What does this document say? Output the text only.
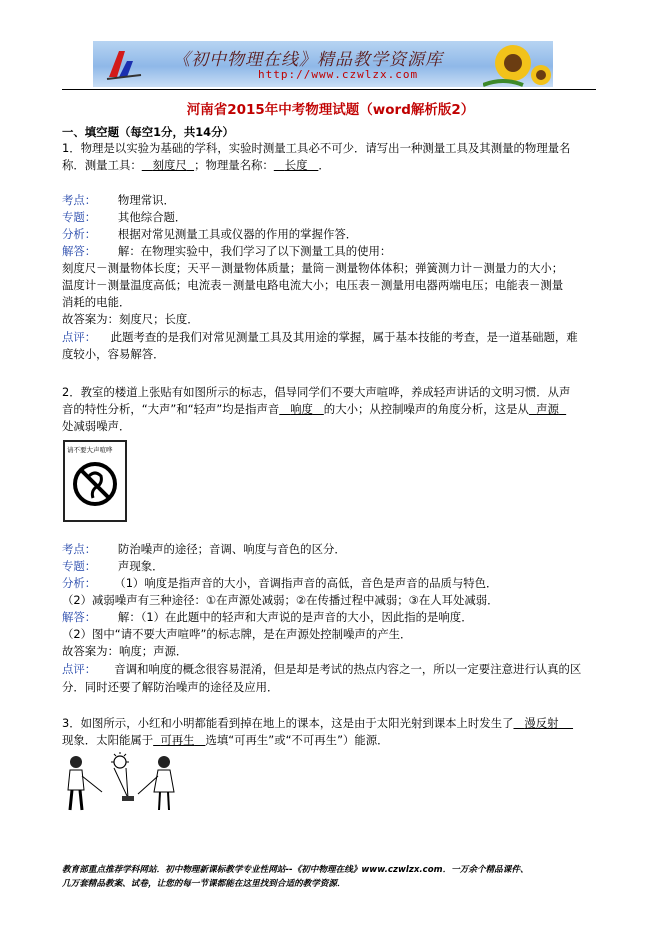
《初中物理在线》精品教学资源库
http://www.czwlzx.com
河南省2015年中考物理试题（word解析版2）
一、填空题（每空1分，共14分）
1．物理是以实验为基础的学科，实验时测量工具必不可少．请写出一种测量工具及其测量的物理量名
称．测量工具： 刻度尺 ；物理量名称： 长度 ．
考点： 物理常识．
专题： 其他综合题．
分析： 根据对常见测量工具或仪器的作用的掌握作答．
解答： 解：在物理实验中，我们学习了以下测量工具的使用：
刻度尺－测量物体长度；天平－测量物体质量；量筒－测量物体体积；弹簧测力计－测量力的大小；
温度计－测量温度高低；电流表－测量电路电流大小；电压表－测量用电器两端电压；电能表－测量
消耗的电能．
故答案为：刻度尺；长度．
点评： 此题考查的是我们对常见测量工具及其用途的掌握，属于基本技能的考查，是一道基础题，难
度较小，容易解答．
2．教室的楼道上张贴有如图所示的标志，倡导同学们不要大声喧哗，养成轻声讲话的文明习惯．从声
音的特性分析，“大声”和“轻声”均是指声音 响度 的大小；从控制噪声的角度分析，这是从 声源
处减弱噪声．
请不要大声喧哗
考点： 防治噪声的途径；音调、响度与音色的区分．
专题： 声现象．
分析： （1）响度是指声音的大小，音调指声音的高低，音色是声音的品质与特色．
（2）减弱噪声有三种途径：①在声源处减弱；②在传播过程中减弱；③在人耳处减弱．
解答： 解：（1）在此题中的轻声和大声说的是声音的大小，因此指的是响度．
（2）图中“请不要大声喧哗”的标志牌，是在声源处控制噪声的产生．
故答案为：响度；声源．
点评： 音调和响度的概念很容易混淆，但是却是考试的热点内容之一，所以一定要注意进行认真的区
分．同时还要了解防治噪声的途径及应用．
3．如图所示，小红和小明都能看到掉在地上的课本，这是由于太阳光射到课本上时发生了 漫反射
现象．太阳能属于 可再生 选填“可再生”或“不可再生”）能源．
教育部重点推荐学科网站．初中物理新课标教学专业性网站--《初中物理在线》www.czwlzx.com．一万余个精品课件、
几万套精品教案、试卷，让您的每一节课都能在这里找到合适的教学资源．
